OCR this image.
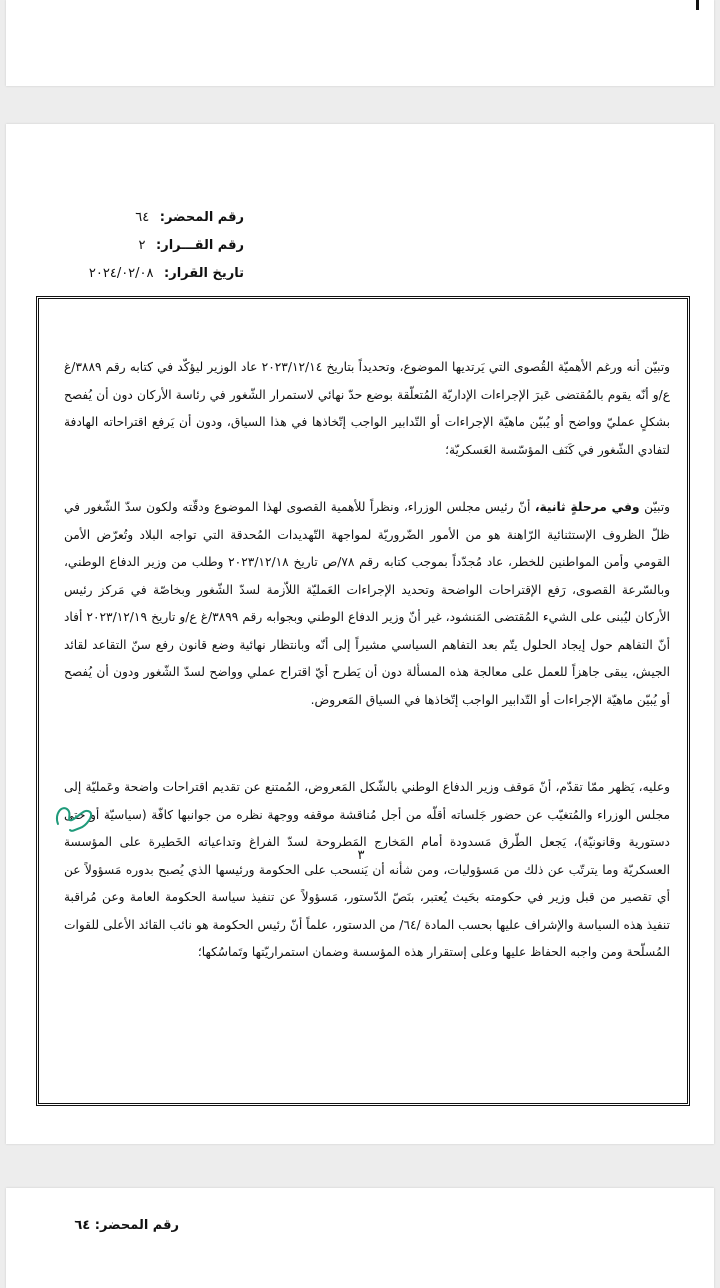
رقم المحضر: ٦٤
رقم القـــرار: ٢
تاريخ القرار: ٢٠٢٤/٠٢/٠٨

وتبيّن أنه ورغم الأهميّة القُصوى التي يَرتديها الموضوع، وتحديداً بتاريخ ٢٠٢٣/١٢/١٤ عاد الوزير ليؤكّد في كتابه رقم ٣٨٨٩/غ ع/و أنّه يقوم بالمُقتضى عَبرَ الإجراءات الإداريّة المُتعلّقة بوضع حدّ نهائي لاستمرار الشّغور في رئاسة الأركان دون أن يُفصح بشكلٍ عمليّ وواضح أو يُبيّن ماهيّة الإجراءات أو التّدابير الواجب إتّخاذها في هذا السياق، ودون أن يَرفع اقتراحاته الهادفة لتفادي الشّغور في كَنَف المؤسّسة العَسكريّة؛

وتبيّن وفي مرحلةٍ ثانية، أنّ رئيس مجلس الوزراء، ونظراً للأهمية القصوى لهذا الموضوع ودقّته ولكون سدّ الشّغور في ظلّ الظروف الإستثنائية الرّاهنة هو من الأمور الضّروريّة لمواجهة التّهديدات المُحدقة التي تواجه البلاد وتُعرّض الأمن القومي وأمن المواطنين للخطر، عاد مُجدّداً بموجب كتابه رقم ٧٨/ص تاريخ ٢٠٢٣/١٢/١٨ وطلب من وزير الدفاع الوطني، وبالسّرعة القصوى، رَفع الإقتراحات الواضحة وتحديد الإجراءات العَمليّة اللاّزمة لسدّ الشّغور وبخاصّة في مَركز رئيس الأركان ليُبنى على الشيء المُقتضى المَنشود، غير أنّ وزير الدفاع الوطني وبجوابه رقم ٣٨٩٩/غ ع/و تاريخ ٢٠٢٣/١٢/١٩ أفاد أنّ التفاهم حول إيجاد الحلول يتّم بعد التفاهم السياسي مشيراً إلى أنّه وبانتظار نهائية وضع قانون رفع سنّ التقاعد لقائد الجيش، يبقى جاهزاً للعمل على معالجة هذه المسألة دون أن يَطرح أيّ اقتراح عملي وواضح لسدّ الشّغور ودون أن يُفصح أو يُبيّن ماهيّة الإجراءات أو التّدابير الواجب إتّخاذها في السياق المَعروض.

وعليه، يَظهر ممّا تقدّم، أنّ مَوقف وزير الدفاع الوطني بالشّكل المَعروض، المُمتنع عن تقديم اقتراحات واضحة وعَمليّة إلى مجلس الوزراء والمُتغيّب عن حضور جَلساته أقلّه من أجل مُناقشة موقفه ووجهة نظره من جوانبها كافّة (سياسيّة أو حتى دستورية وقانونيّة)، يَجعل الطّرق مَسدودة أمام المَخارج المَطروحة لسدّ الفراغ وتداعياته الخَطيرة على المؤسسة العسكريّة وما يترتّب عن ذلك من مَسؤوليات، ومن شأنه أن يَنسحب على الحكومة ورئيسها الذي يُصبح بدوره مَسؤولاً عن أي تقصير من قبل وزير في حكومته بحَيث يُعتبر، بنَصّ الدّستور، مَسؤولاً عن تنفيذ سياسة الحكومة العامة وعن مُراقبة تنفيذ هذه السياسة والإشراف عليها بحسب المادة /٦٤/ من الدستور، علماً أنّ رئيس الحكومة هو نائب القائد الأعلى للقوات المُسلّحة ومن واجبه الحفاظ عليها وعلى إستقرار هذه المؤسسة وضمان استمراريّتها وتَماسُكها؛

٣
رقم المحضر: ٦٤
